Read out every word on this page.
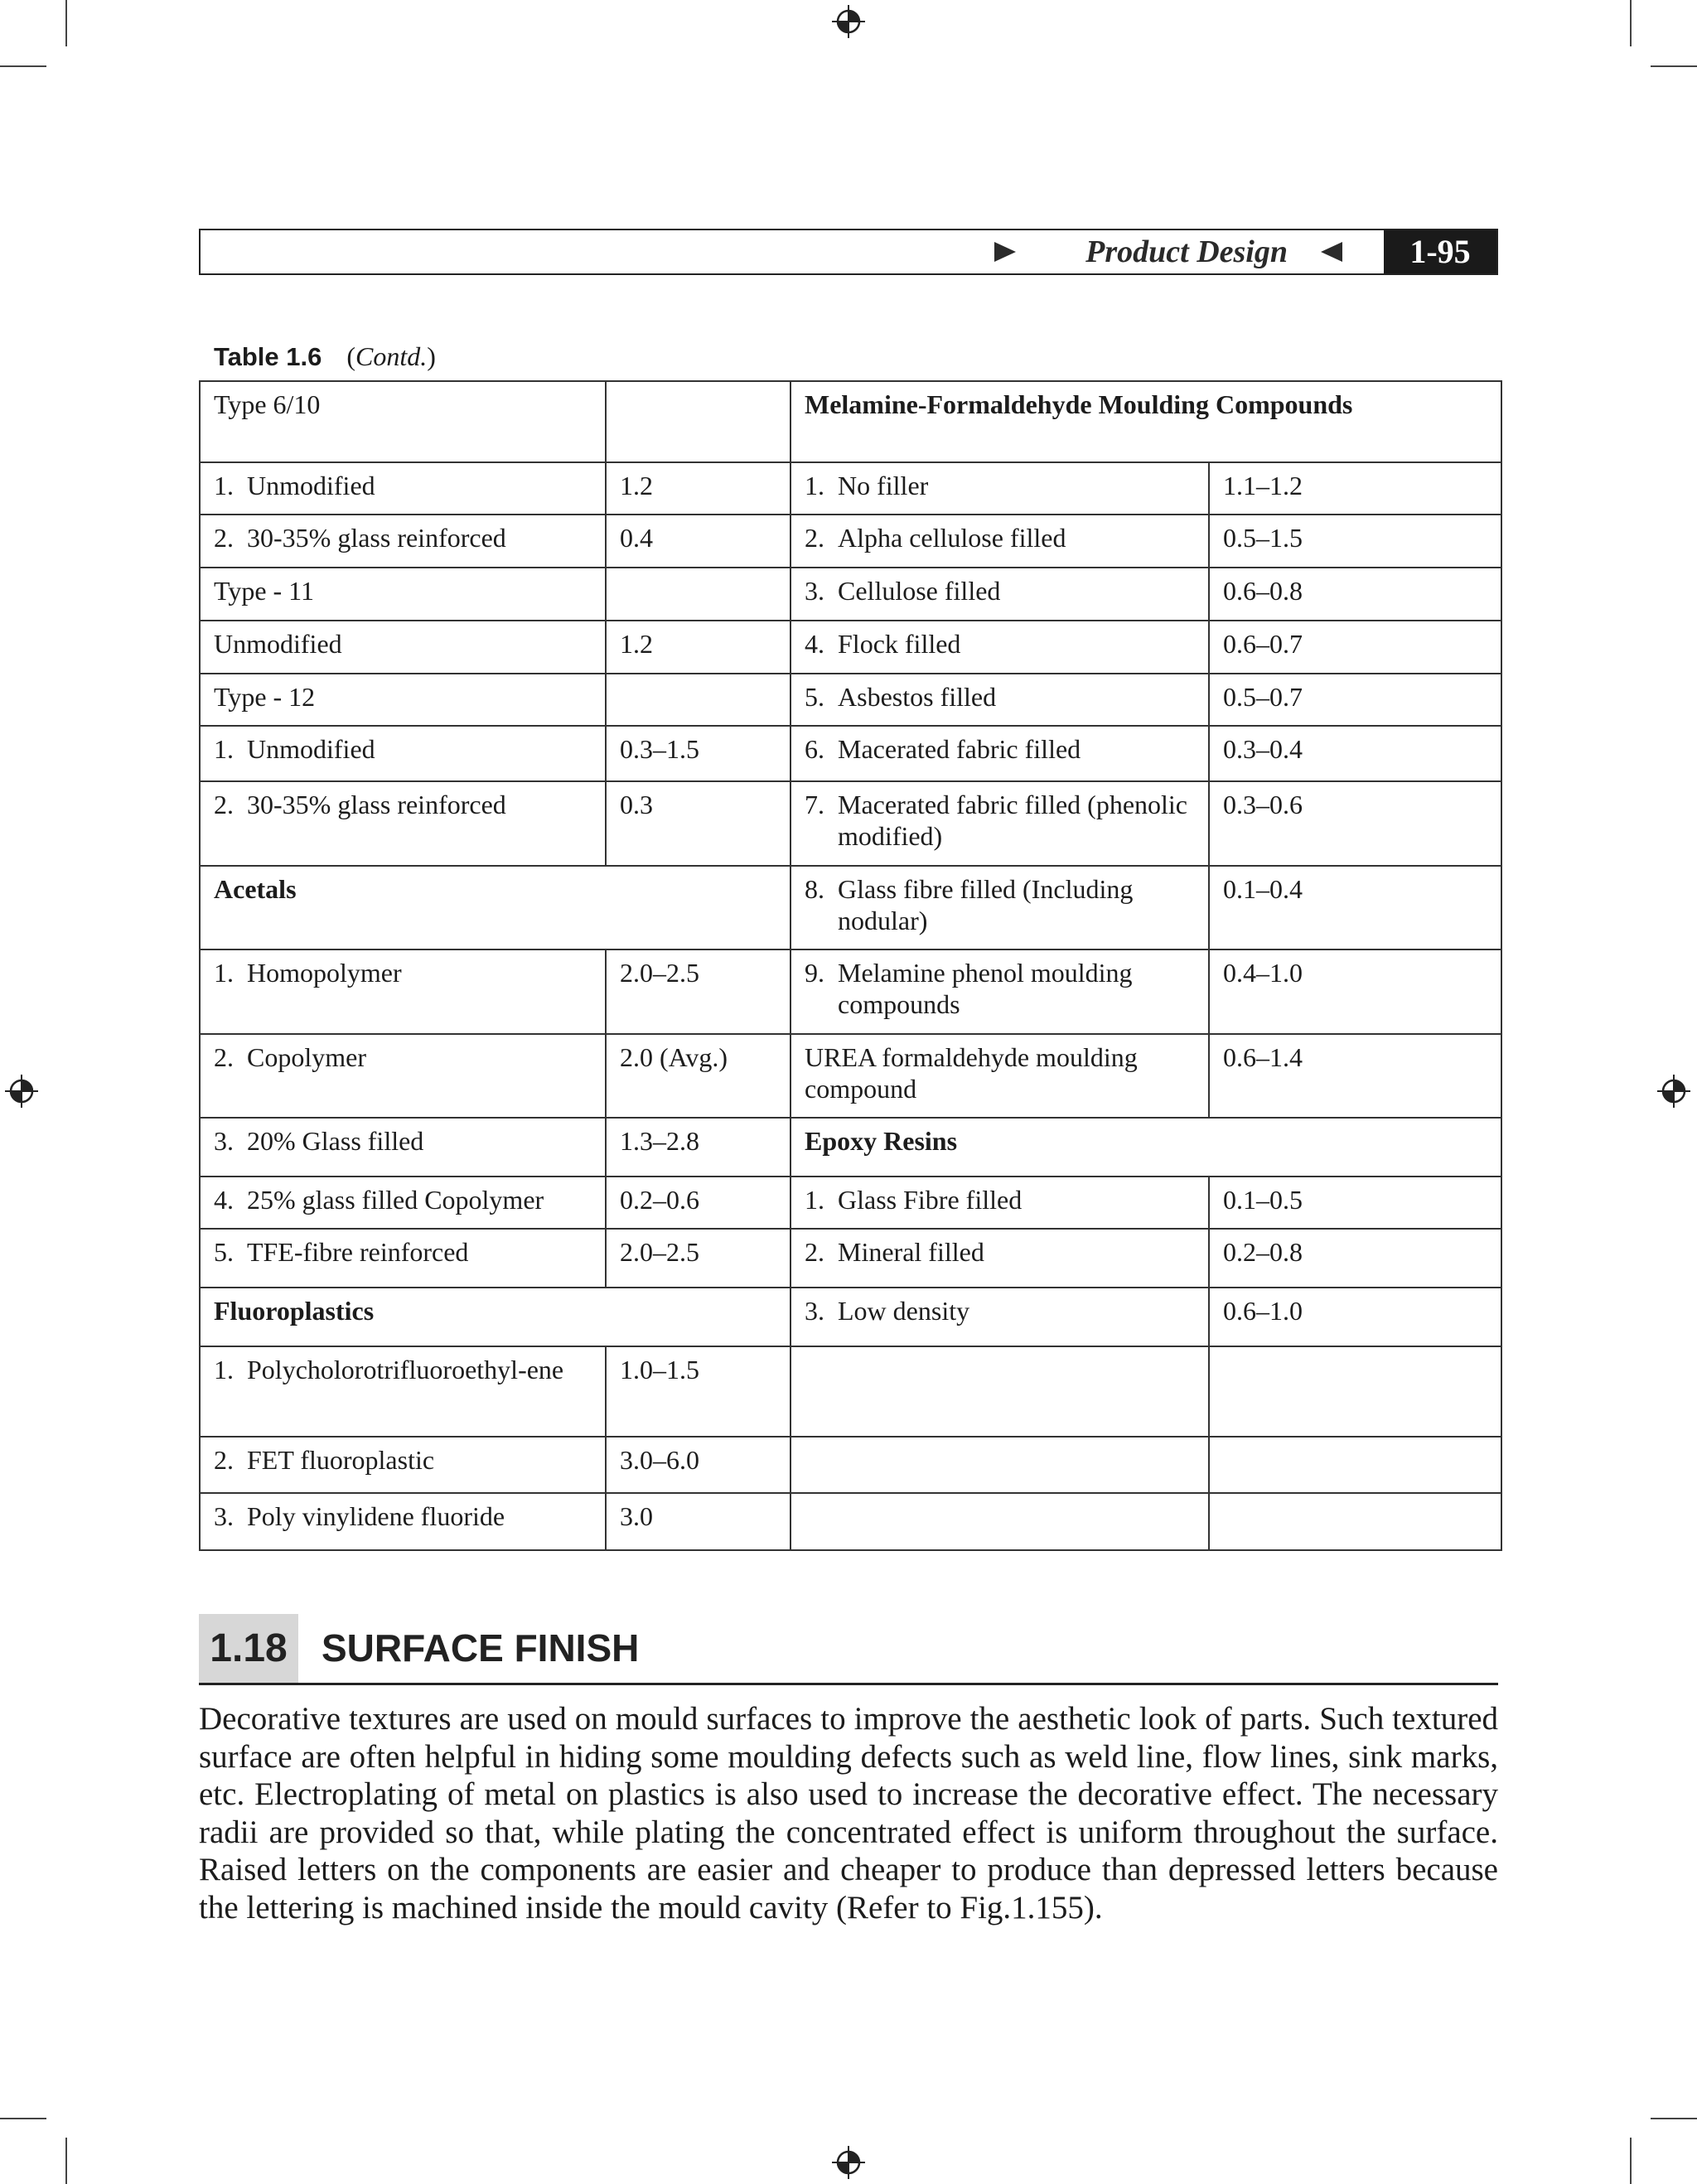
Product Design	1-95
Table 1.6 (Contd.)
Type 6/10		Melamine-Formaldehyde Moulding Compounds	
1.  Unmodified	1.2	1.  No filler	1.1–1.2
2.  30-35% glass reinforced	0.4	2.  Alpha cellulose filled	0.5–1.5
Type - 11		3.  Cellulose filled	0.6–0.8
Unmodified	1.2	4.  Flock filled	0.6–0.7
Type - 12		5.  Asbestos filled	0.5–0.7
1.  Unmodified	0.3–1.5	6.  Macerated fabric filled	0.3–0.4
2.  30-35% glass reinforced	0.3	7.  Macerated fabric filled (phenolic modified)	0.3–0.6
Acetals		8.  Glass fibre filled (Including nodular)	0.1–0.4
1.  Homopolymer	2.0–2.5	9.  Melamine phenol moulding compounds	0.4–1.0
2.  Copolymer	2.0 (Avg.)	UREA formaldehyde moulding compound	0.6–1.4
3.  20% Glass filled	1.3–2.8	Epoxy Resins	
4.  25% glass filled Copolymer	0.2–0.6	1.  Glass Fibre filled	0.1–0.5
5.  TFE-fibre reinforced	2.0–2.5	2.  Mineral filled	0.2–0.8
Fluoroplastics		3.  Low density	0.6–1.0
1.  Polycholorotrifluoroethyl-ene	1.0–1.5		
2.  FET fluoroplastic	3.0–6.0		
3.  Poly vinylidene fluoride	3.0		
1.18 SURFACE FINISH

Decorative textures are used on mould surfaces to improve the aesthetic look of parts. Such textured surface are often helpful in hiding some moulding defects such as weld line, flow lines, sink marks, etc. Electroplating of metal on plastics is also used to increase the decorative effect. The necessary radii are provided so that, while plating the concentrated effect is uniform throughout the surface. Raised letters on the components are easier and cheaper to produce than depressed letters because the lettering is machined inside the mould cavity (Refer to Fig.1.155).
